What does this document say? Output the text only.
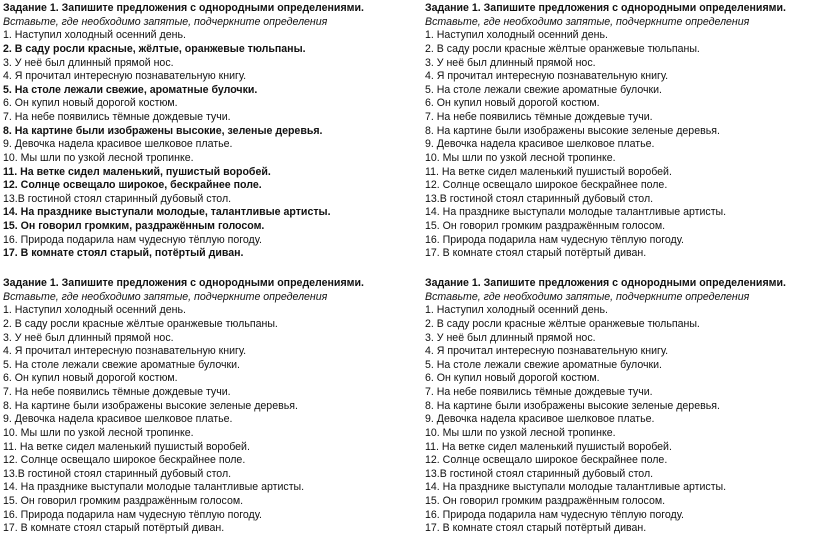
Задание 1. Запишите предложения с однородными определениями.
Вставьте, где необходимо запятые, подчеркните определения
1. Наступил холодный осенний день.
2. В саду росли красные, жёлтые, оранжевые тюльпаны.
3. У неё был длинный прямой нос.
4. Я прочитал интересную познавательную книгу.
5. На столе лежали свежие, ароматные булочки.
6. Он купил новый дорогой костюм.
7. На небе появились тёмные дождевые тучи.
8. На картине были изображены высокие, зеленые деревья.
9. Девочка надела красивое шелковое платье.
10. Мы шли по узкой лесной тропинке.
11. На ветке сидел маленький, пушистый воробей.
12. Солнце освещало широкое, бескрайнее поле.
13.В гостиной стоял старинный дубовый стол.
14. На празднике выступали молодые, талантливые артисты.
15. Он говорил громким, раздражённым голосом.
16. Природа подарила нам чудесную тёплую погоду.
17. В комнате стоял старый, потёртый диван.
Задание 1. Запишите предложения с однородными определениями.
Вставьте, где необходимо запятые, подчеркните определения
1. Наступил холодный осенний день.
2. В саду росли красные жёлтые оранжевые тюльпаны.
3. У неё был длинный прямой нос.
4. Я прочитал интересную познавательную книгу.
5. На столе лежали свежие ароматные булочки.
6. Он купил новый дорогой костюм.
7. На небе появились тёмные дождевые тучи.
8. На картине были изображены высокие зеленые деревья.
9. Девочка надела красивое шелковое платье.
10. Мы шли по узкой лесной тропинке.
11. На ветке сидел маленький пушистый воробей.
12. Солнце освещало широкое бескрайнее поле.
13.В гостиной стоял старинный дубовый стол.
14. На празднике выступали молодые талантливые артисты.
15. Он говорил громким раздражённым голосом.
16. Природа подарила нам чудесную тёплую погоду.
17. В комнате стоял старый потёртый диван.
Задание 1. Запишите предложения с однородными определениями.
Вставьте, где необходимо запятые, подчеркните определения
1. Наступил холодный осенний день.
2. В саду росли красные жёлтые оранжевые тюльпаны.
3. У неё был длинный прямой нос.
4. Я прочитал интересную познавательную книгу.
5. На столе лежали свежие ароматные булочки.
6. Он купил новый дорогой костюм.
7. На небе появились тёмные дождевые тучи.
8. На картине были изображены высокие зеленые деревья.
9. Девочка надела красивое шелковое платье.
10. Мы шли по узкой лесной тропинке.
11. На ветке сидел маленький пушистый воробей.
12. Солнце освещало широкое бескрайнее поле.
13.В гостиной стоял старинный дубовый стол.
14. На празднике выступали молодые талантливые артисты.
15. Он говорил громким раздражённым голосом.
16. Природа подарила нам чудесную тёплую погоду.
17. В комнате стоял старый потёртый диван.
Задание 1. Запишите предложения с однородными определениями.
Вставьте, где необходимо запятые, подчеркните определения
1. Наступил холодный осенний день.
2. В саду росли красные жёлтые оранжевые тюльпаны.
3. У неё был длинный прямой нос.
4. Я прочитал интересную познавательную книгу.
5. На столе лежали свежие ароматные булочки.
6. Он купил новый дорогой костюм.
7. На небе появились тёмные дождевые тучи.
8. На картине были изображены высокие зеленые деревья.
9. Девочка надела красивое шелковое платье.
10. Мы шли по узкой лесной тропинке.
11. На ветке сидел маленький пушистый воробей.
12. Солнце освещало широкое бескрайнее поле.
13.В гостиной стоял старинный дубовый стол.
14. На празднике выступали молодые талантливые артисты.
15. Он говорил громким раздражённым голосом.
16. Природа подарила нам чудесную тёплую погоду.
17. В комнате стоял старый потёртый диван.
